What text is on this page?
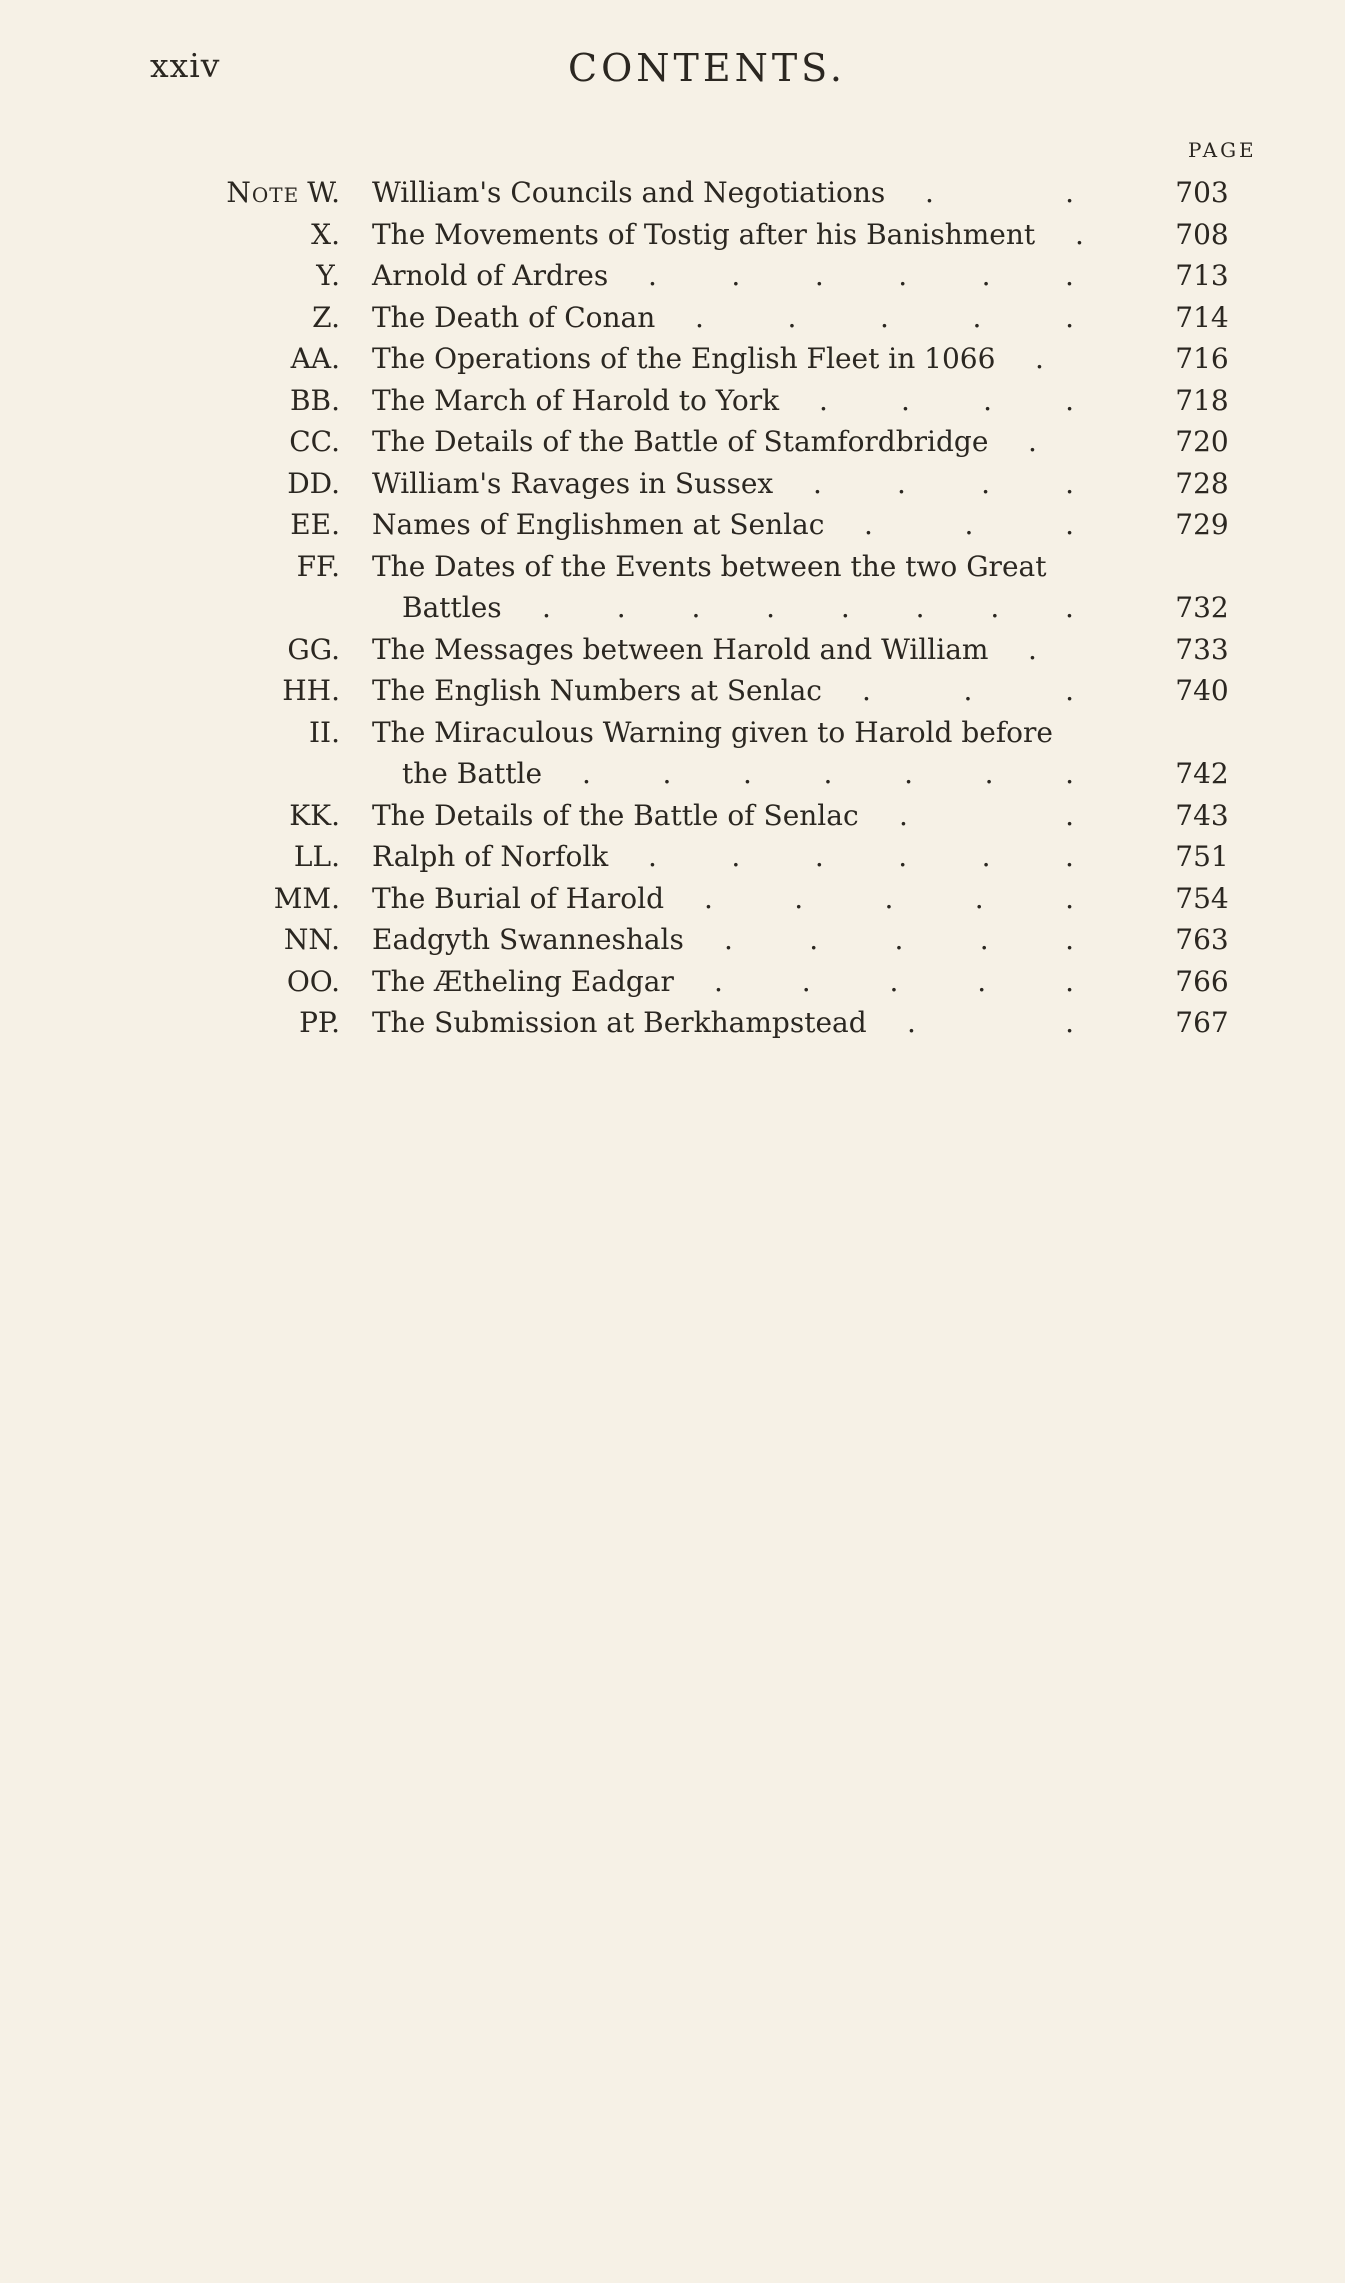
xxiv	CONTENTS.
PAGE
Note W. William's Councils and Negotiations .	.	703
X. The Movements of Tostig after his Banishment .	708
Y. Arnold of Ardres .	.	.	.	.	.	713
Z. The Death of Conan .	.	.	.	.	714
AA. The Operations of the English Fleet in 1066 .	716
BB. The March of Harold to York .	.	.	.	718
CC. The Details of the Battle of Stamfordbridge .	720
DD. William's Ravages in Sussex .	.	.	.	728
EE. Names of Englishmen at Senlac .	.	.	729
FF. The Dates of the Events between the two Great
Battles . . . . . . . .	732
GG. The Messages between Harold and William .	733
HH. The English Numbers at Senlac .	.	.	740
II. The Miraculous Warning given to Harold before
the Battle .	.	.	.	.	.	.	742
KK. The Details of the Battle of Senlac .	.	743
LL. Ralph of Norfolk .	.	.	.	.	.	751
MM. The Burial of Harold .	.	.	.	.	754
NN. Eadgyth Swanneshals .	.	.	.	.	763
OO. The Ætheling Eadgar .	.	.	.	.	766
PP. The Submission at Berkhampstead .	.	767
